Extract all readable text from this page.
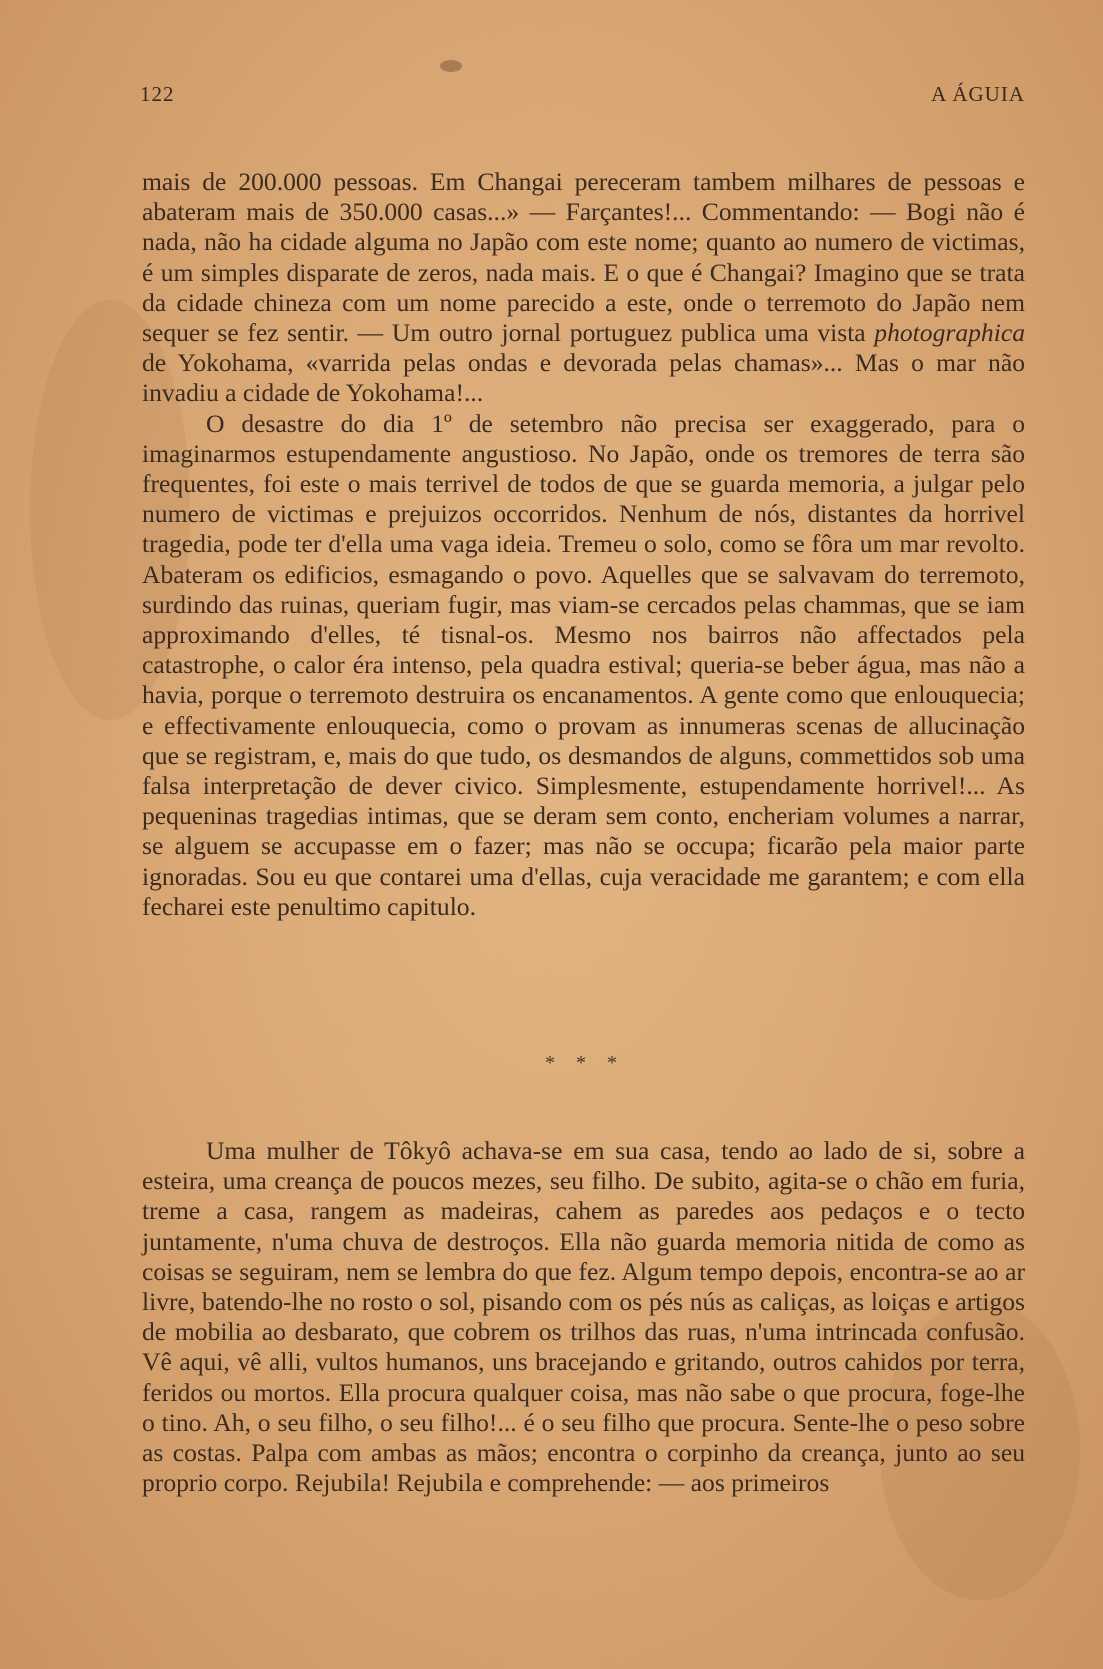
122	A ÁGUIA

mais de 200.000 pessoas. Em Changai pereceram tambem milhares de pessoas e abateram mais de 350.000 casas...» — Farçantes!... Commentando: — Bogi não é nada, não ha cidade alguma no Japão com este nome; quanto ao numero de victimas, é um simples disparate de zeros, nada mais. E o que é Changai? Imagino que se trata da cidade chineza com um nome parecido a este, onde o terremoto do Japão nem sequer se fez sentir. — Um outro jornal portuguez publica uma vista photographica de Yokohama, «varrida pelas ondas e devorada pelas chamas»... Mas o mar não invadiu a cidade de Yokohama!...

O desastre do dia 1º de setembro não precisa ser exaggerado, para o imaginarmos estupendamente angustioso. No Japão, onde os tremores de terra são frequentes, foi este o mais terrivel de todos de que se guarda memoria, a julgar pelo numero de victimas e prejuizos occorridos. Nenhum de nós, distantes da horrivel tragedia, pode ter d'ella uma vaga ideia. Tremeu o solo, como se fôra um mar revolto. Abateram os edificios, esmagando o povo. Aquelles que se salvavam do terremoto, surdindo das ruinas, queriam fugir, mas viam-se cercados pelas chammas, que se iam approximando d'elles, té tisnal-os. Mesmo nos bairros não affectados pela catastrophe, o calor éra intenso, pela quadra estival; queria-se beber água, mas não a havia, porque o terremoto destruira os encanamentos. A gente como que enlouquecia; e effectivamente enlouquecia, como o provam as innumeras scenas de allucinação que se registram, e, mais do que tudo, os desmandos de alguns, commettidos sob uma falsa interpretação de dever civico. Simplesmente, estupendamente horrivel!... As pequeninas tragedias intimas, que se deram sem conto, encheriam volumes a narrar, se alguem se accupasse em o fazer; mas não se occupa; ficarão pela maior parte ignoradas. Sou eu que contarei uma d'ellas, cuja veracidade me garantem; e com ella fecharei este penultimo capitulo.

* * *

Uma mulher de Tôkyô achava-se em sua casa, tendo ao lado de si, sobre a esteira, uma creança de poucos mezes, seu filho. De subito, agita-se o chão em furia, treme a casa, rangem as madeiras, cahem as paredes aos pedaços e o tecto juntamente, n'uma chuva de destroços. Ella não guarda memoria nitida de como as coisas se seguiram, nem se lembra do que fez. Algum tempo depois, encontra-se ao ar livre, batendo-lhe no rosto o sol, pisando com os pés nús as caliças, as loiças e artigos de mobilia ao desbarato, que cobrem os trilhos das ruas, n'uma intrincada confusão. Vê aqui, vê alli, vultos humanos, uns bracejando e gritando, outros cahidos por terra, feridos ou mortos. Ella procura qualquer coisa, mas não sabe o que procura, foge-lhe o tino. Ah, o seu filho, o seu filho!... é o seu filho que procura. Sente-lhe o peso sobre as costas. Palpa com ambas as mãos; encontra o corpinho da creança, junto ao seu proprio corpo. Rejubila! Rejubila e comprehende: — aos primeiros
